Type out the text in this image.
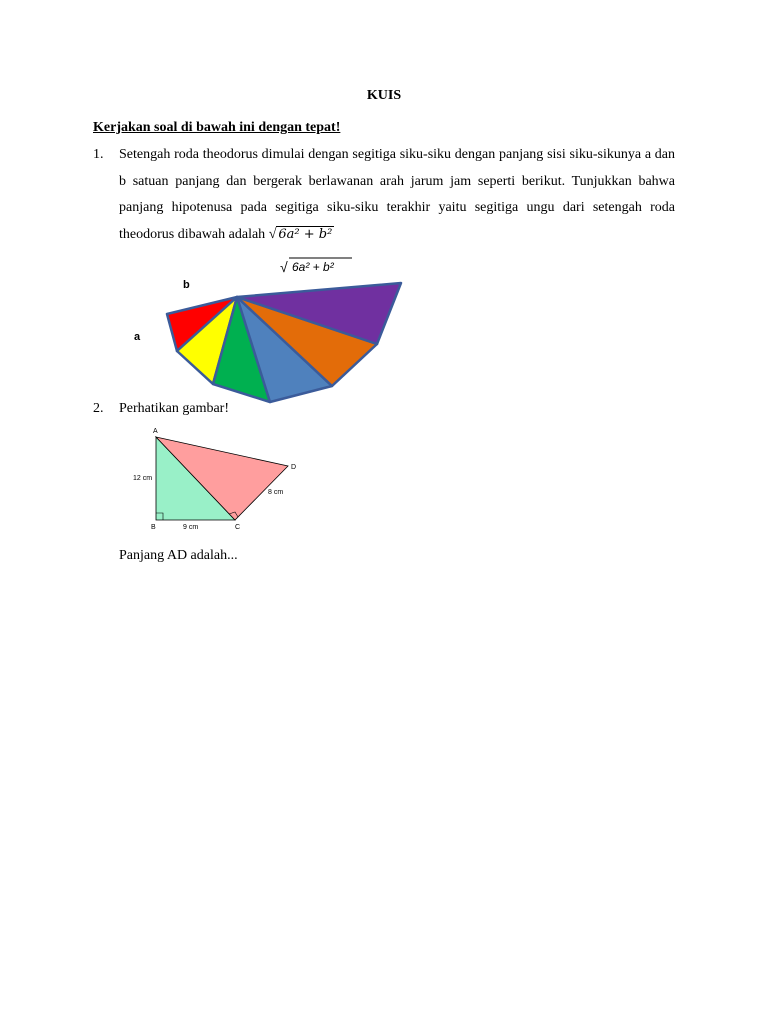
KUIS
Kerjakan soal di bawah ini dengan tepat!
1. Setengah roda theodorus dimulai dengan segitiga siku-siku dengan panjang sisi siku-sikunya a dan b satuan panjang dan bergerak berlawanan arah jarum jam seperti berikut. Tunjukkan bahwa panjang hipotenusa pada segitiga siku-siku terakhir yaitu segitiga ungu dari setengah roda theodorus dibawah adalah √ 6a² + b²
b
a
√ 6a² + b²
2. Perhatikan gambar!
A
B	C
D
12 cm
9 cm
8 cm
Panjang AD adalah...
